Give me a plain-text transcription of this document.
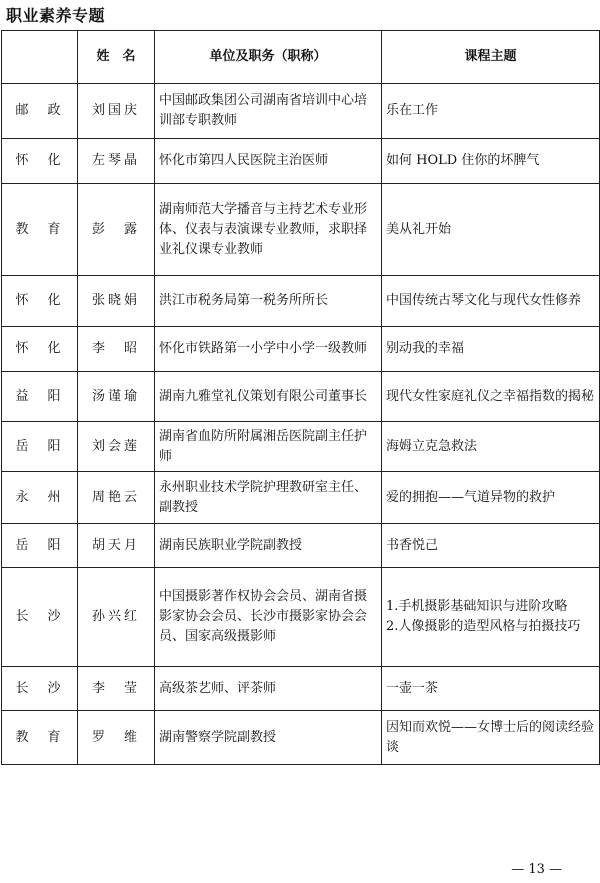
职业素养专题
	姓　名	单位及职务（职称）	课程主题
邮　政	刘国庆	中国邮政集团公司湖南省培训中心培训部专职教师	乐在工作

怀　化	左琴晶	怀化市第四人民医院主治医师	如何 HOLD 住你的坏脾气

教　育	彭　露	湖南师范大学播音与主持艺术专业形体、仪表与表演课专业教师，求职择业礼仪课专业教师	美从礼开始

怀　化	张晓娟	洪江市税务局第一税务所所长	中国传统古琴文化与现代女性修养

怀　化	李　昭	怀化市铁路第一小学中小学一级教师	别动我的幸福

益　阳	汤谨瑜	湖南九雅堂礼仪策划有限公司董事长	现代女性家庭礼仪之幸福指数的揭秘

岳　阳	刘会莲	湖南省血防所附属湘岳医院副主任护师	海姆立克急救法

永　州	周艳云	永州职业技术学院护理教研室主任、副教授	爱的拥抱——气道异物的救护

岳　阳	胡天月	湖南民族职业学院副教授	书香悦己

长　沙	孙兴红	中国摄影著作权协会会员、湖南省摄影家协会会员、长沙市摄影家协会会员、国家高级摄影师	1.手机摄影基础知识与进阶攻略
2.人像摄影的造型风格与拍摄技巧

长　沙	李　莹	高级茶艺师、评茶师	一壶一茶

教　育	罗　维	湖南警察学院副教授	因知而欢悦——女博士后的阅读经验谈
— 13 —
